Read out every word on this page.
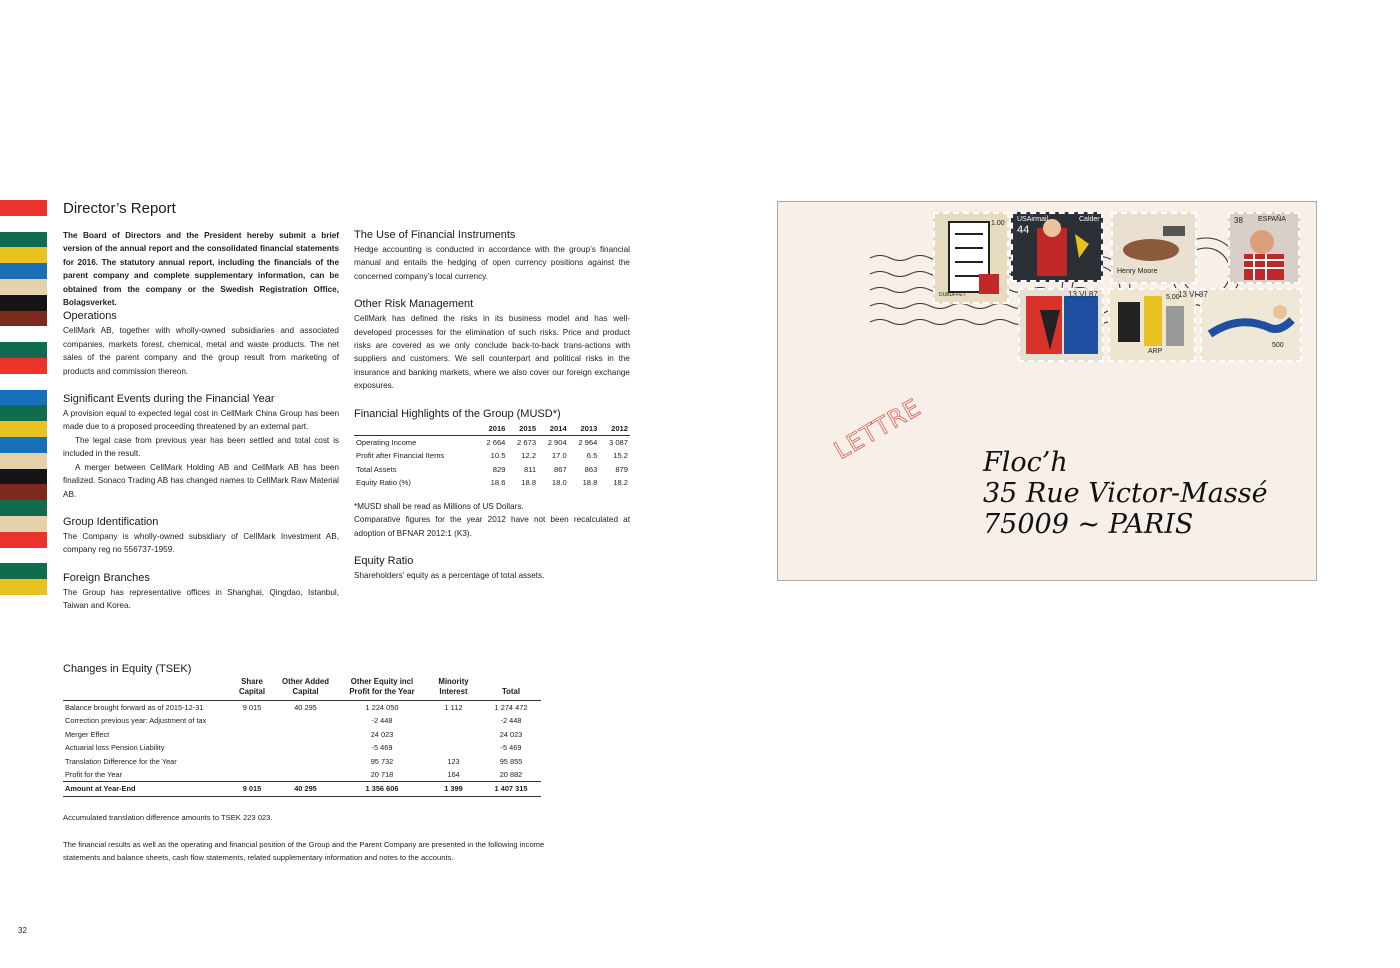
Director’s Report

The Board of Directors and the President hereby submit a brief version of the annual report and the consolidated financial statements for 2016. The statutory annual report, including the financials of the parent company and complete supplementary information, can be obtained from the company or the Swedish Registration Office, Bolagsverket.

Operations

CellMark AB, together with wholly-owned subsidiaries and associated companies, markets forest, chemical, metal and waste products. The net sales of the parent company and the group result from marketing of products and commission thereon.

Significant Events during the Financial Year

A provision equal to expected legal cost in CellMark China Group has been made due to a proposed proceeding threatened by an external part.

The legal case from previous year has been settled and total cost is included in the result.

A merger between CellMark Holding AB and CellMark AB has been finalized. Sonaco Trading AB has changed names to CellMark Raw Material AB.

Group Identification

The Company is wholly-owned subsidiary of CellMark Investment AB, company reg no 556737-1959.

Foreign Branches

The Group has representative offices in Shanghai, Qingdao, Istanbul, Taiwan and Korea.

The Use of Financial Instruments

Hedge accounting is conducted in accordance with the group’s financial manual and entails the hedging of open currency positions against the concerned company’s local currency.

Other Risk Management

CellMark has defined the risks in its business model and has well-developed processes for the elimination of such risks. Price and product risks are covered as we only conclude back-to-back trans-actions with suppliers and customers. We sell counterpart and political risks in the insurance and banking markets, where we also cover our foreign exchange exposures.

Financial Highlights of the Group (MUSD*)
	2016	2015	2014	2013	2012
Operating Income	2 664	2 673	2 904	2 964	3 087
Profit after Financial Items	10.5	12.2	17.0	6.5	15.2
Total Assets	829	811	867	863	879
Equity Ratio (%)	18.6	18.8	18.0	18.8	18.2

*MUSD shall be read as Millions of US Dollars.

Comparative figures for the year 2012 have not been recalculated at adoption of BFNAR 2012:1 (K3).

Equity Ratio

Shareholders’ equity as a percentage of total assets.

Changes in Equity (TSEK)
	Share Capital	Other Added Capital	Other Equity incl Profit for the Year	Minority Interest	Total
Balance brought forward as of 2015-12-31	9 015	40 295	1 224 050	1 112	1 274 472
Correction previous year: Adjustment of tax			-2 448		-2 448
Merger Effect			24 023		24 023
Actuarial loss Pension Liability			-5 469		-5 469
Translation Difference for the Year			95 732	123	95 855
Profit for the Year			20 718	164	20 882
Amount at Year-End	9 015	40 295	1 356 606	1 399	1 407 315
Accumulated translation difference amounts to TSEK 223 023.
The financial results as well as the operating and financial position of the Group and the Parent Company are presented in the following income statements and balance sheets, cash flow statements, related supplementary information and notes to the accounts.
32
1.00
DUBUFFET
USAirmail
44
Calder
Henry Moore
38 ESPAÑA
5,00
ARP
500
13 VI 87	13 VI 87
LETTRE Floc’h
35 Rue Victor-Massé
75009 ~ PARIS
